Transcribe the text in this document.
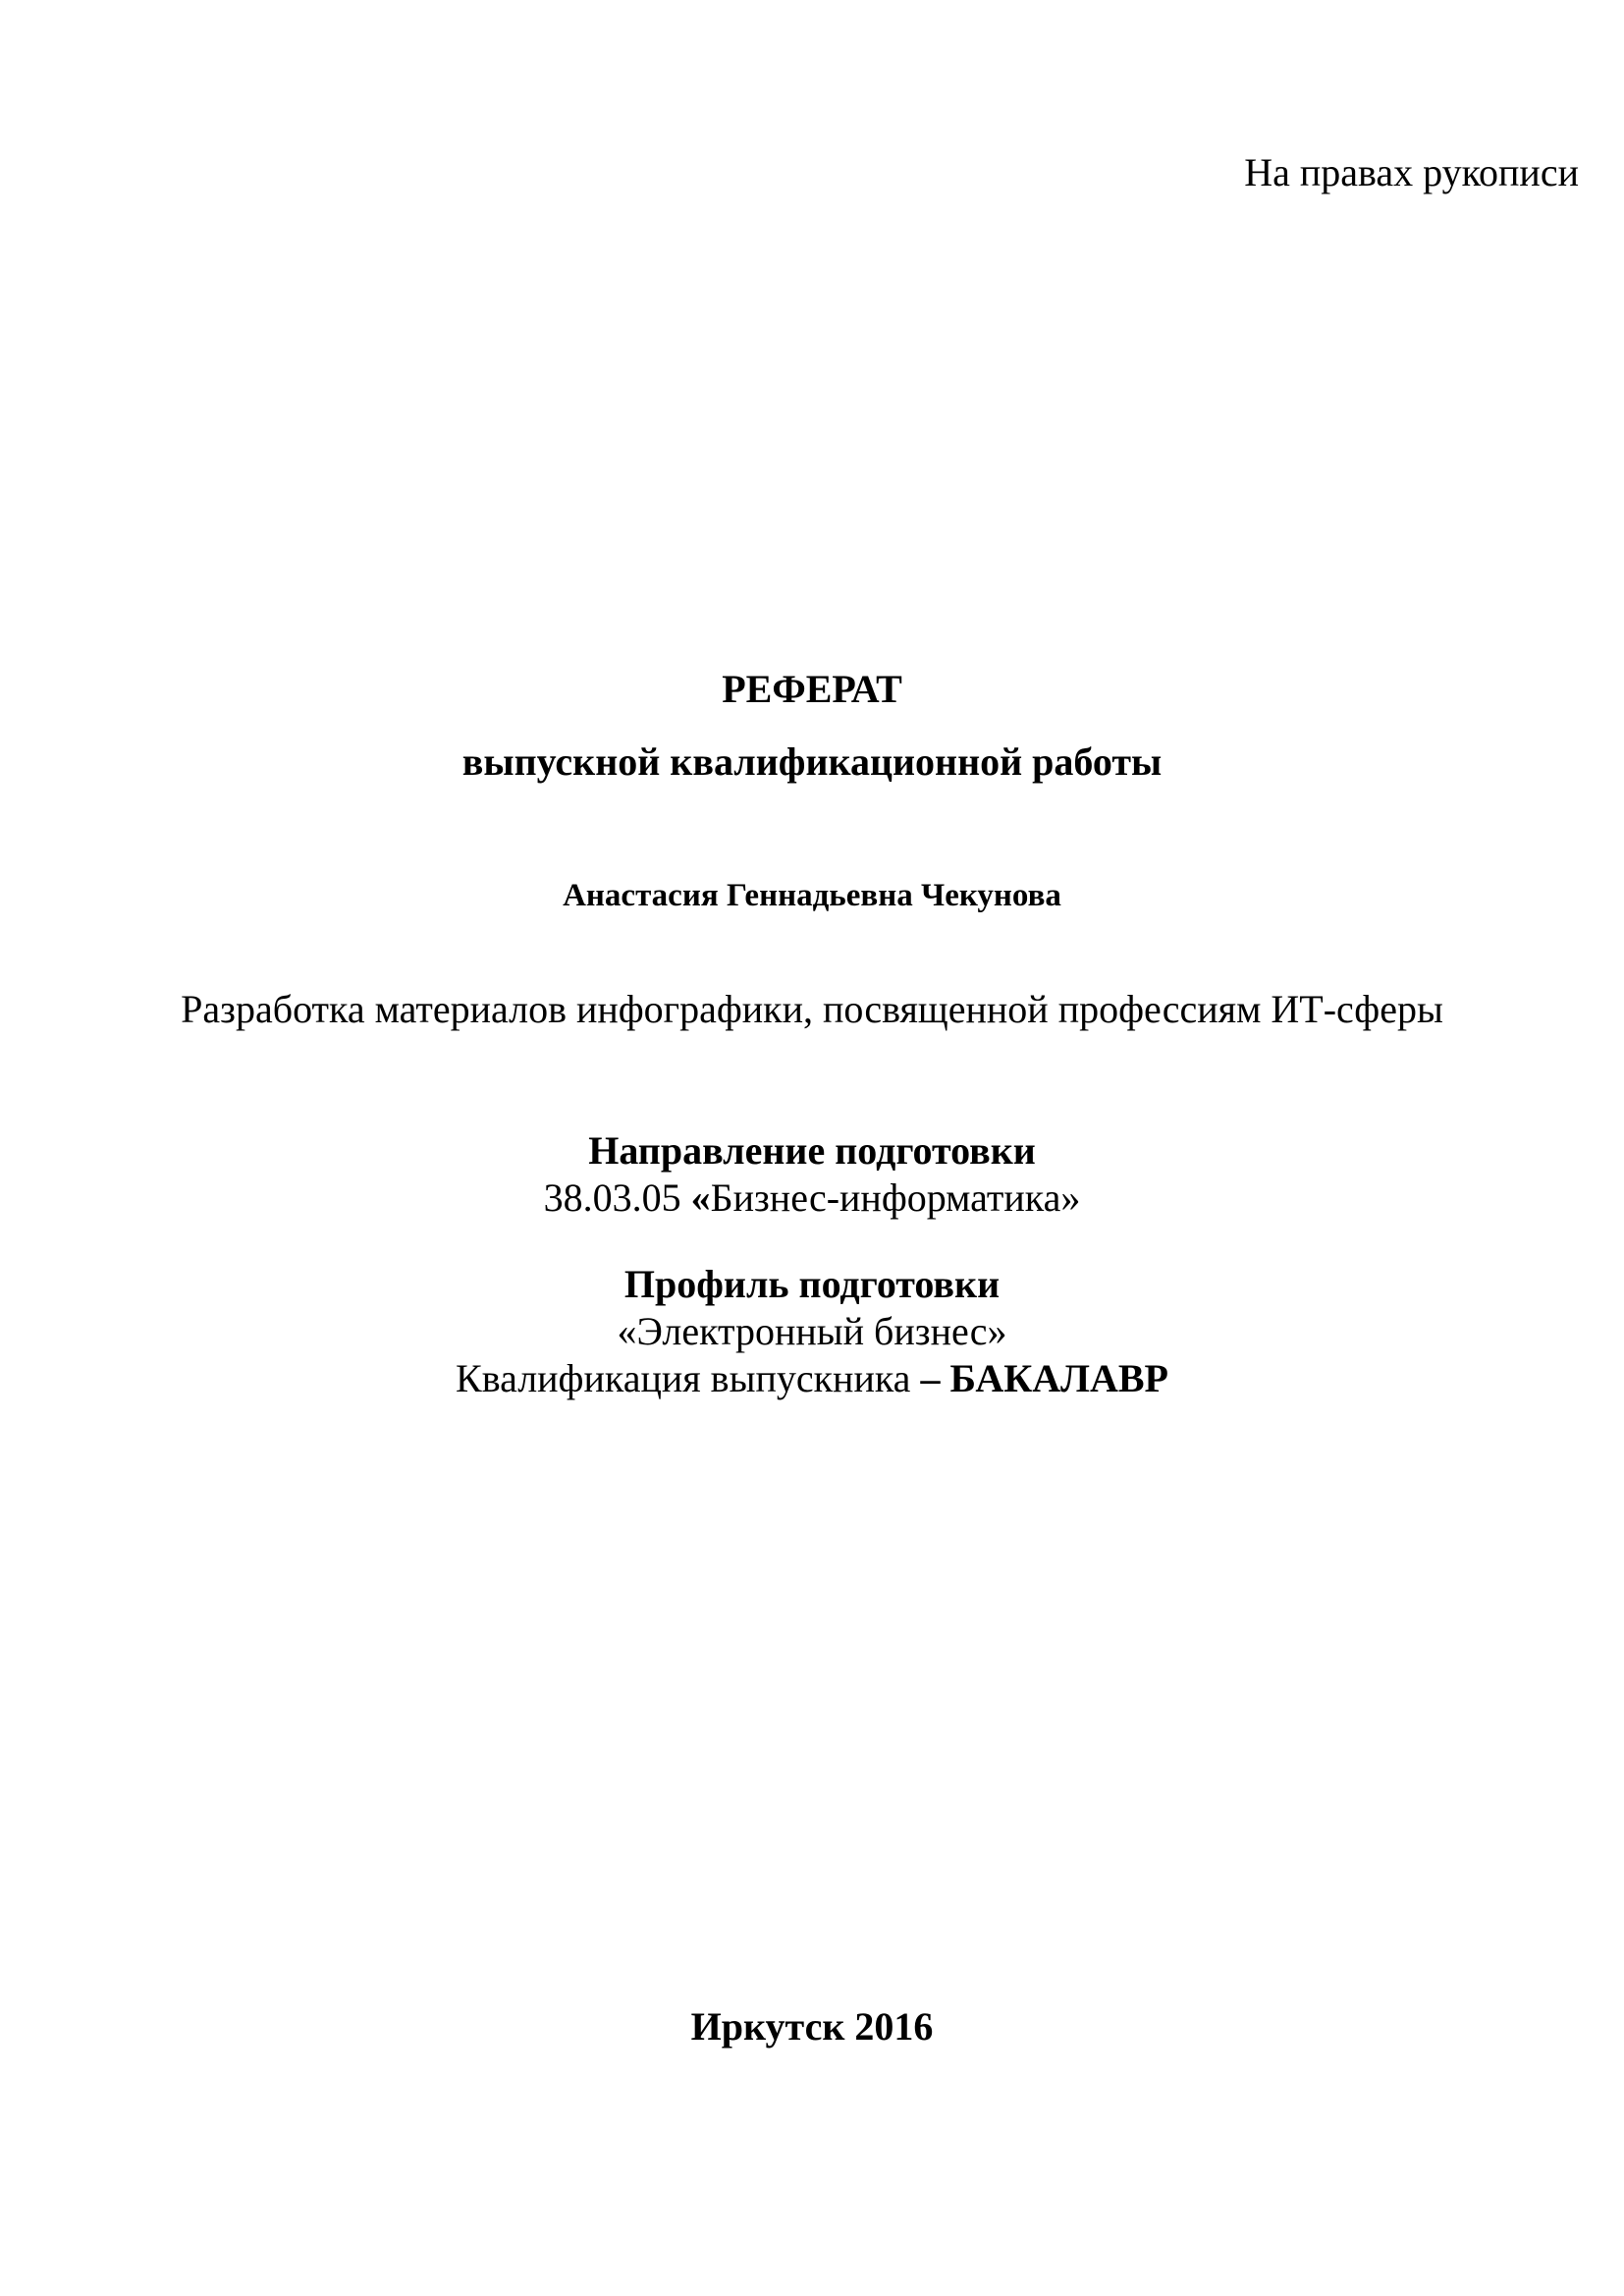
На правах рукописи
РЕФЕРАТ
выпускной квалификационной работы
Анастасия Геннадьевна Чекунова
Разработка материалов инфографики, посвященной профессиям ИТ-сферы
Направление подготовки
38.03.05 «Бизнес-информатика»
Профиль подготовки
«Электронный бизнес»
Квалификация выпускника – БАКАЛАВР
Иркутск 2016
